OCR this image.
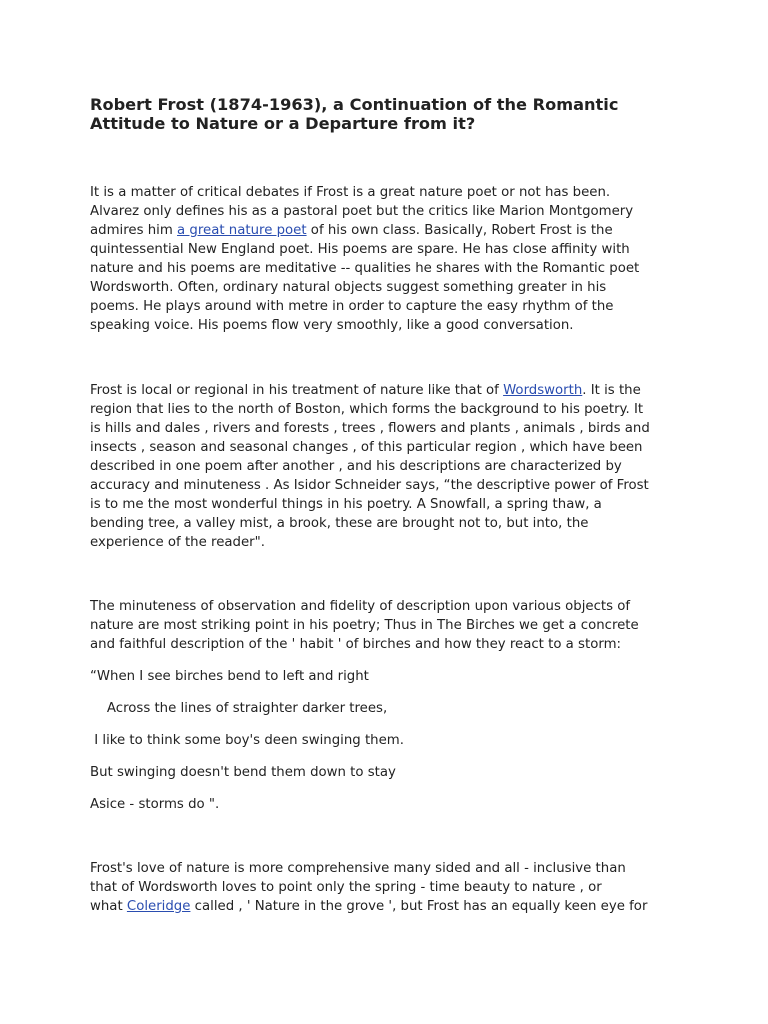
Robert Frost (1874-1963), a Continuation of the Romantic
Attitude to Nature or a Departure from it?

It is a matter of critical debates if Frost is a great nature poet or not has been.
Alvarez only defines his as a pastoral poet but the critics like Marion Montgomery
admires him a great nature poet of his own class. Basically, Robert Frost is the
quintessential New England poet. His poems are spare. He has close affinity with
nature and his poems are meditative -- qualities he shares with the Romantic poet
Wordsworth. Often, ordinary natural objects suggest something greater in his
poems. He plays around with metre in order to capture the easy rhythm of the
speaking voice. His poems flow very smoothly, like a good conversation.

Frost is local or regional in his treatment of nature like that of Wordsworth. It is the
region that lies to the north of Boston, which forms the background to his poetry. It
is hills and dales , rivers and forests , trees , flowers and plants , animals , birds and
insects , season and seasonal changes , of this particular region , which have been
described in one poem after another , and his descriptions are characterized by
accuracy and minuteness . As Isidor Schneider says, “the descriptive power of Frost
is to me the most wonderful things in his poetry. A Snowfall, a spring thaw, a
bending tree, a valley mist, a brook, these are brought not to, but into, the
experience of the reader".

The minuteness of observation and fidelity of description upon various objects of
nature are most striking point in his poetry; Thus in The Birches we get a concrete
and faithful description of the ' habit ' of birches and how they react to a storm:

“When I see birches bend to left and right

Across the lines of straighter darker trees,

I like to think some boy's deen swinging them.

But swinging doesn't bend them down to stay

Asice - storms do ".

Frost's love of nature is more comprehensive many sided and all - inclusive than
that of Wordsworth loves to point only the spring - time beauty to nature , or
what Coleridge called , ' Nature in the grove ', but Frost has an equally keen eye for
